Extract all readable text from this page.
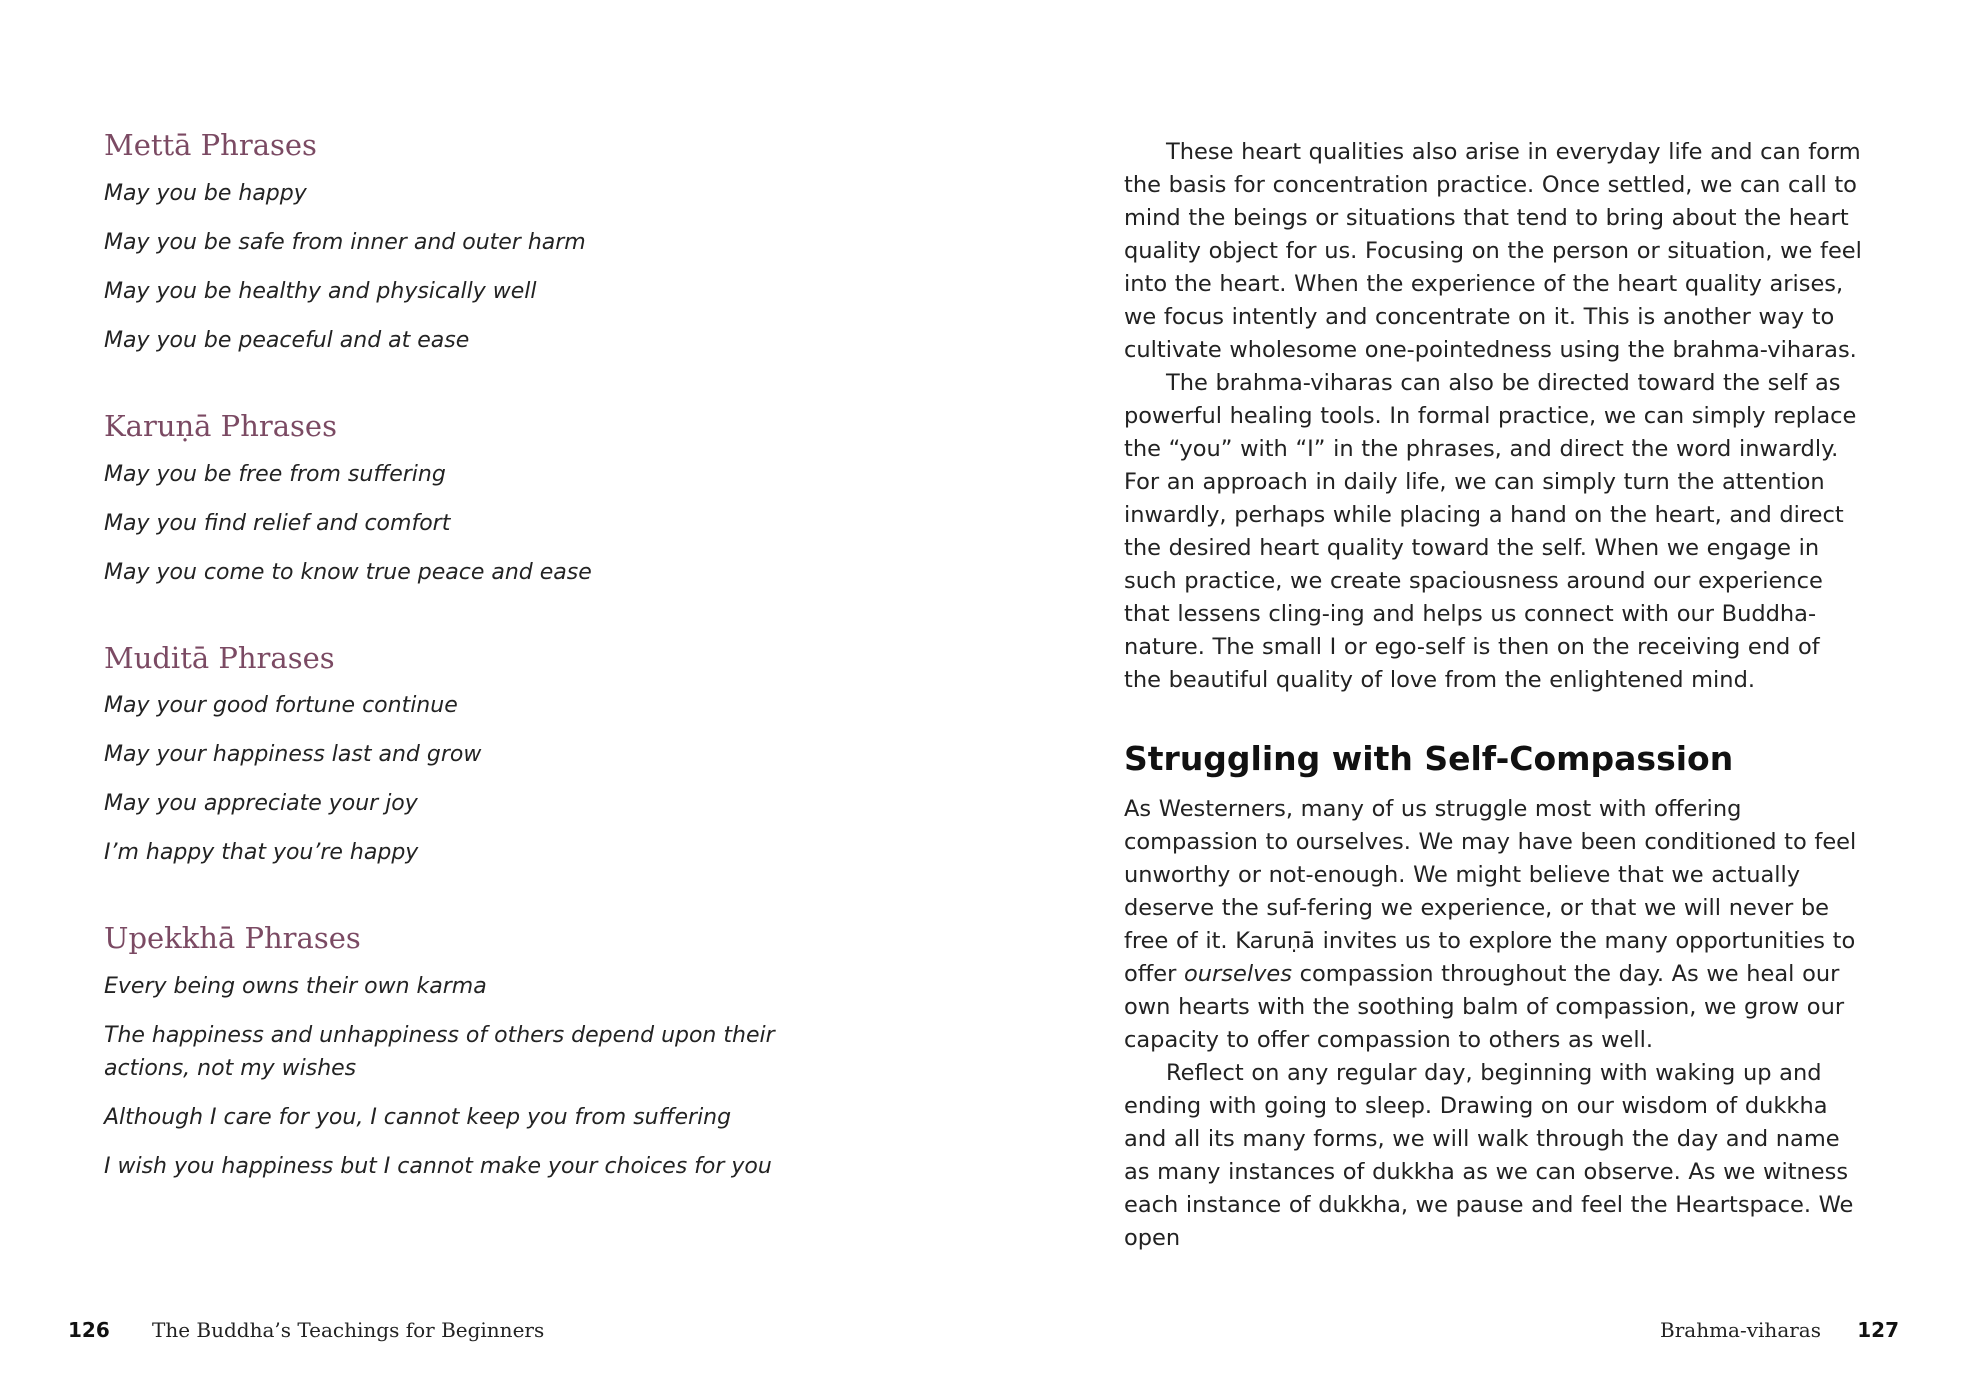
Mettā Phrases

May you be happy

May you be safe from inner and outer harm

May you be healthy and physically well

May you be peaceful and at ease

Karuṇā Phrases

May you be free from suffering

May you find relief and comfort

May you come to know true peace and ease

Muditā Phrases

May your good fortune continue

May your happiness last and grow

May you appreciate your joy

I’m happy that you’re happy

Upekkhā Phrases

Every being owns their own karma

The happiness and unhappiness of others depend upon their actions, not my wishes

Although I care for you, I cannot keep you from suffering

I wish you happiness but I cannot make your choices for you

126 The Buddha’s Teachings for Beginners

These heart qualities also arise in everyday life and can form the basis for concentration practice. Once settled, we can call to mind the beings or situations that tend to bring about the heart quality object for us. Focusing on the person or situation, we feel into the heart. When the experience of the heart quality arises, we focus intently and concentrate on it. This is another way to cultivate wholesome one-pointedness using the brahma-viharas.

The brahma-viharas can also be directed toward the self as powerful healing tools. In formal practice, we can simply replace the “you” with “I” in the phrases, and direct the word inwardly. For an approach in daily life, we can simply turn the attention inwardly, perhaps while placing a hand on the heart, and direct the desired heart quality toward the self. When we engage in such practice, we create spaciousness around our experience that lessens cling-ing and helps us connect with our Buddha-nature. The small I or ego-self is then on the receiving end of the beautiful quality of love from the enlightened mind.

Struggling with Self-Compassion

As Westerners, many of us struggle most with offering compassion to ourselves. We may have been conditioned to feel unworthy or not-enough. We might believe that we actually deserve the suf-fering we experience, or that we will never be free of it. Karuṇā invites us to explore the many opportunities to offer ourselves compassion throughout the day. As we heal our own hearts with the soothing balm of compassion, we grow our capacity to offer compassion to others as well.

Reflect on any regular day, beginning with waking up and ending with going to sleep. Drawing on our wisdom of dukkha and all its many forms, we will walk through the day and name as many instances of dukkha as we can observe. As we witness each instance of dukkha, we pause and feel the Heartspace. We open

Brahma-viharas 127
